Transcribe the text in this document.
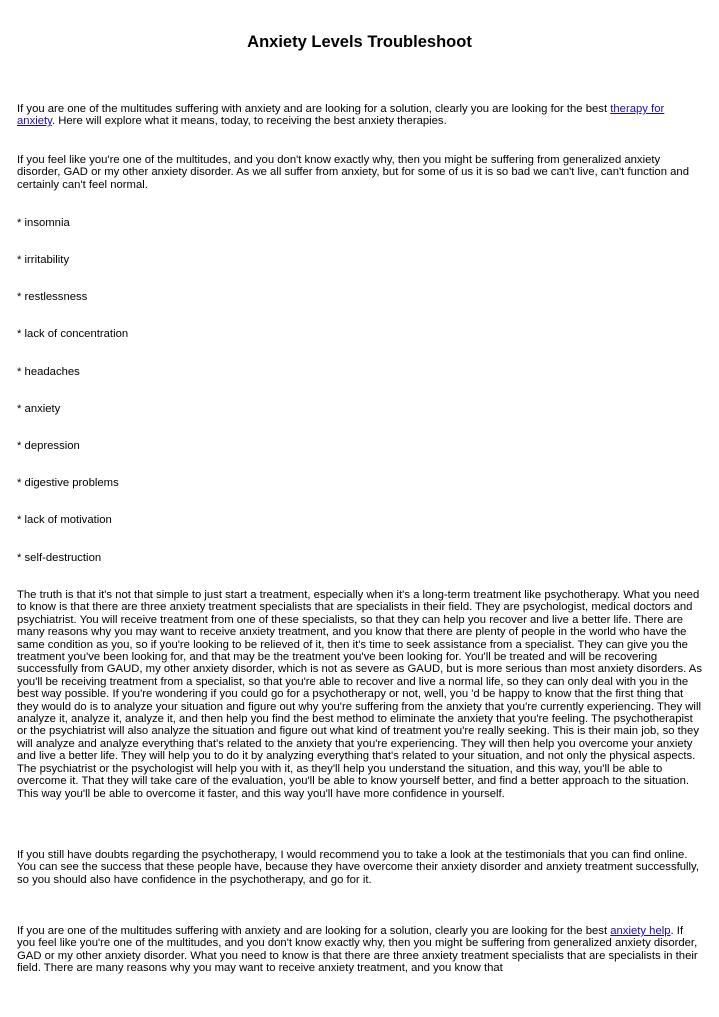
Anxiety Levels Troubleshoot

If you are one of the multitudes suffering with anxiety and are looking for a solution, clearly you are looking for the best therapy for anxiety. Here will explore what it means, today, to receiving the best anxiety therapies.

If you feel like you're one of the multitudes, and you don't know exactly why, then you might be suffering from generalized anxiety disorder, GAD or my other anxiety disorder. As we all suffer from anxiety, but for some of us it is so bad we can't live, can't function and certainly can't feel normal.

* insomnia

* irritability

* restlessness

* lack of concentration

* headaches

* anxiety

* depression

* digestive problems

* lack of motivation

* self-destruction

The truth is that it's not that simple to just start a treatment, especially when it's a long-term treatment like psychotherapy. What you need to know is that there are three anxiety treatment specialists that are specialists in their field. They are psychologist, medical doctors and psychiatrist. You will receive treatment from one of these specialists, so that they can help you recover and live a better life. There are many reasons why you may want to receive anxiety treatment, and you know that there are plenty of people in the world who have the same condition as you, so if you're looking to be relieved of it, then it's time to seek assistance from a specialist. They can give you the treatment you've been looking for, and that may be the treatment you've been looking for. You'll be treated and will be recovering successfully from GAUD, my other anxiety disorder, which is not as severe as GAUD, but is more serious than most anxiety disorders. As you'll be receiving treatment from a specialist, so that you're able to recover and live a normal life, so they can only deal with you in the best way possible. If you're wondering if you could go for a psychotherapy or not, well, you 'd be happy to know that the first thing that they would do is to analyze your situation and figure out why you're suffering from the anxiety that you're currently experiencing. They will analyze it, analyze it, analyze it, and then help you find the best method to eliminate the anxiety that you're feeling. The psychotherapist or the psychiatrist will also analyze the situation and figure out what kind of treatment you're really seeking. This is their main job, so they will analyze and analyze everything that's related to the anxiety that you're experiencing. They will then help you overcome your anxiety and live a better life. They will help you to do it by analyzing everything that's related to your situation, and not only the physical aspects. The psychiatrist or the psychologist will help you with it, as they'll help you understand the situation, and this way, you'll be able to overcome it. That they will take care of the evaluation, you'll be able to know yourself better, and find a better approach to the situation. This way you'll be able to overcome it faster, and this way you'll have more confidence in yourself.

If you still have doubts regarding the psychotherapy, I would recommend you to take a look at the testimonials that you can find online. You can see the success that these people have, because they have overcome their anxiety disorder and anxiety treatment successfully, so you should also have confidence in the psychotherapy, and go for it.

If you are one of the multitudes suffering with anxiety and are looking for a solution, clearly you are looking for the best anxiety help. If you feel like you're one of the multitudes, and you don't know exactly why, then you might be suffering from generalized anxiety disorder, GAD or my other anxiety disorder. What you need to know is that there are three anxiety treatment specialists that are specialists in their field. There are many reasons why you may want to receive anxiety treatment, and you know that
